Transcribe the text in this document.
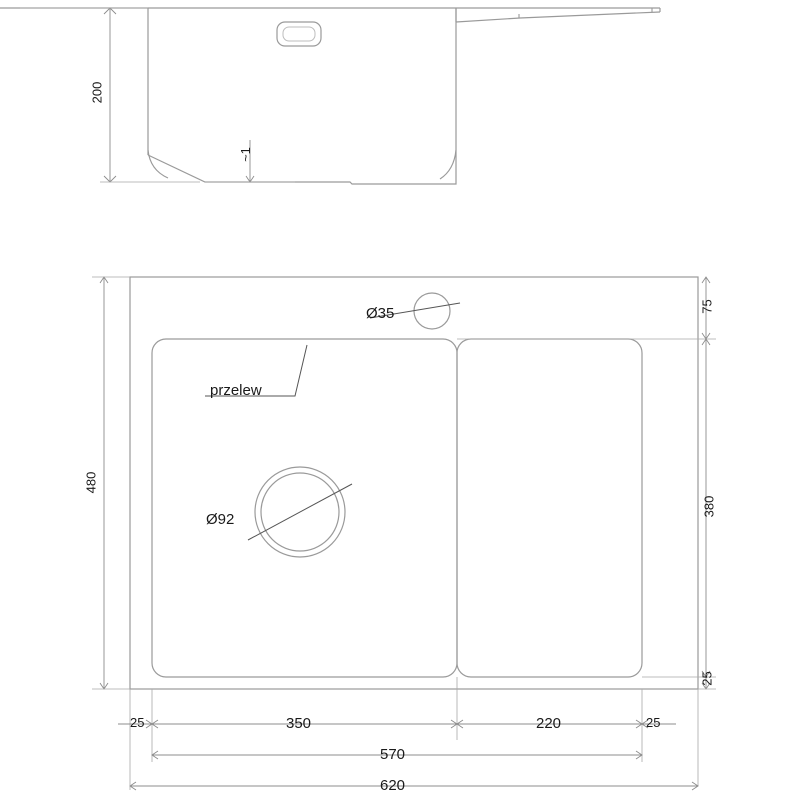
200
~1
Ø35
Ø92
przelew
480
380
75
25
25	350	220	25
570
620
